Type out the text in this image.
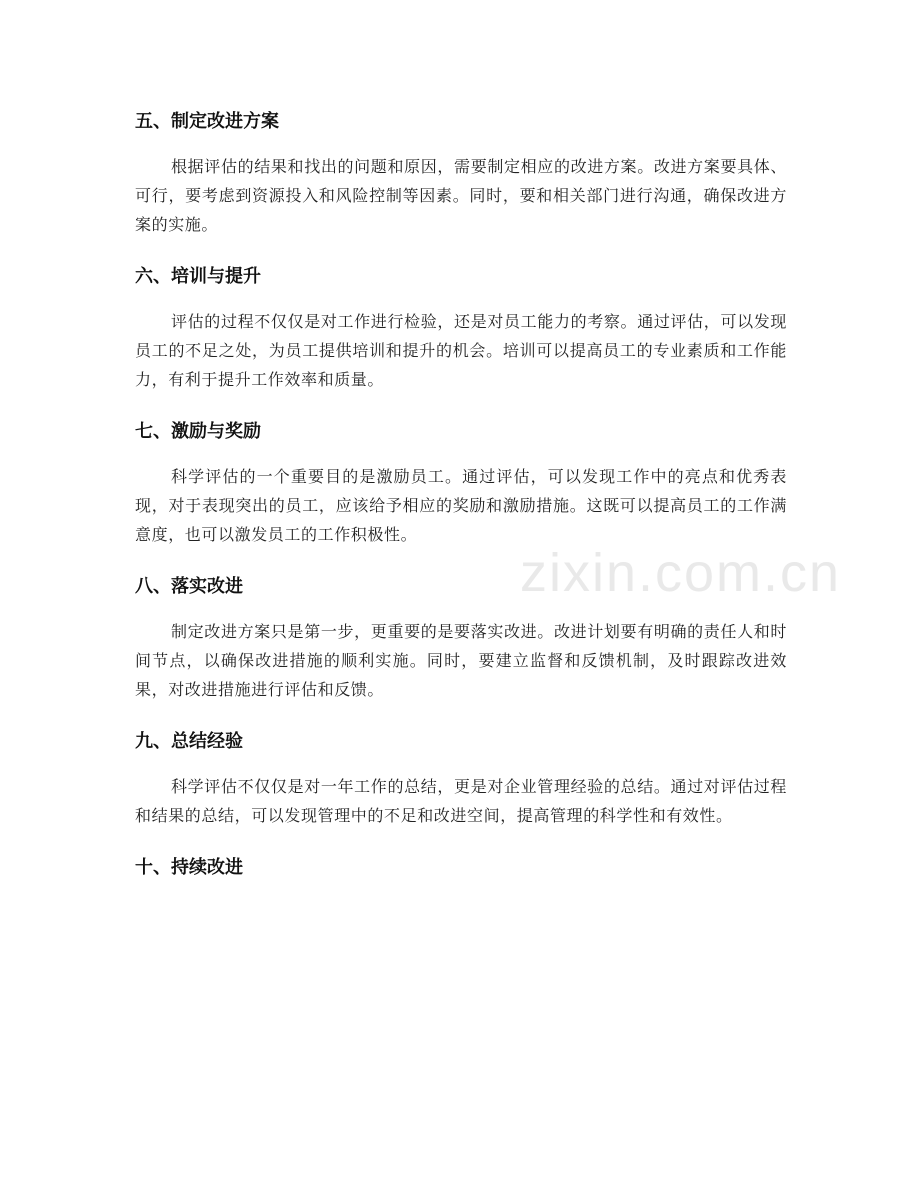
zixin.com.cn
五、制定改进方案

根据评估的结果和找出的问题和原因，需要制定相应的改进方案。改进方案要具体、可行，要考虑到资源投入和风险控制等因素。同时，要和相关部门进行沟通，确保改进方案的实施。

六、培训与提升

评估的过程不仅仅是对工作进行检验，还是对员工能力的考察。通过评估，可以发现员工的不足之处，为员工提供培训和提升的机会。培训可以提高员工的专业素质和工作能力，有利于提升工作效率和质量。

七、激励与奖励

科学评估的一个重要目的是激励员工。通过评估，可以发现工作中的亮点和优秀表现，对于表现突出的员工，应该给予相应的奖励和激励措施。这既可以提高员工的工作满意度，也可以激发员工的工作积极性。

八、落实改进

制定改进方案只是第一步，更重要的是要落实改进。改进计划要有明确的责任人和时间节点，以确保改进措施的顺利实施。同时，要建立监督和反馈机制，及时跟踪改进效果，对改进措施进行评估和反馈。

九、总结经验

科学评估不仅仅是对一年工作的总结，更是对企业管理经验的总结。通过对评估过程和结果的总结，可以发现管理中的不足和改进空间，提高管理的科学性和有效性。

十、持续改进
